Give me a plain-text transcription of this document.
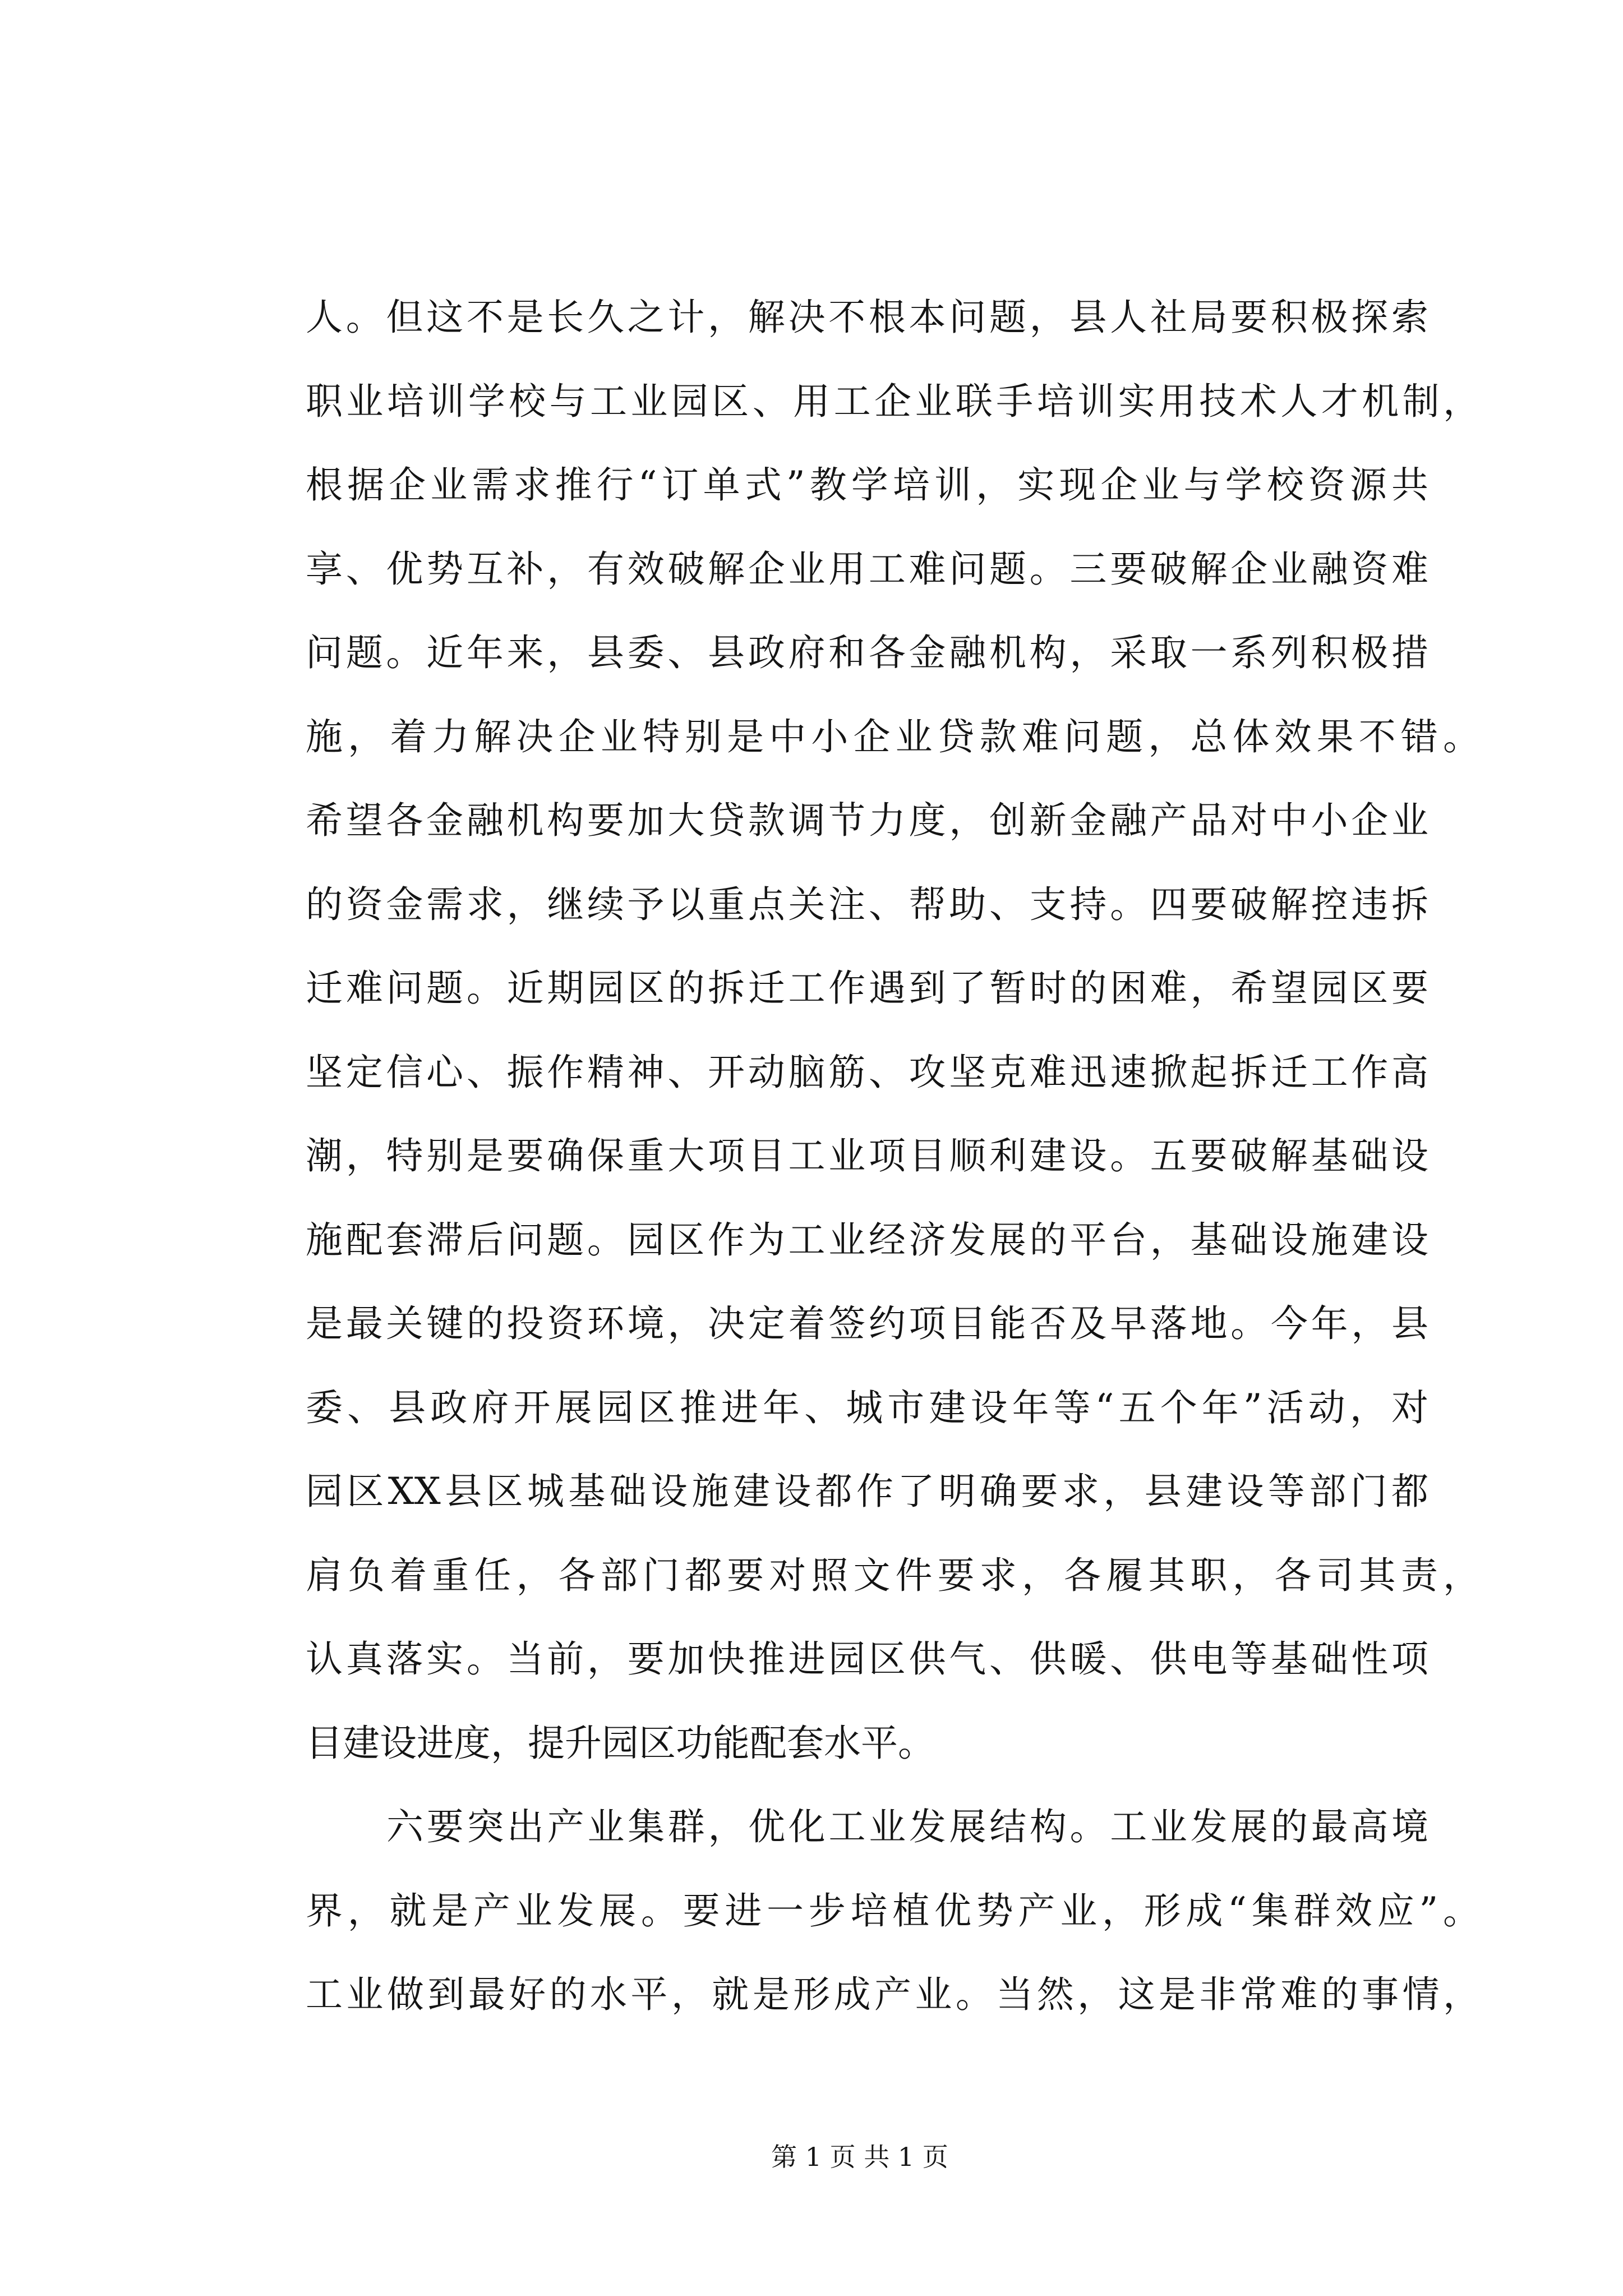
人。但这不是长久之计，解决不根本问题，县人社局要积极探索
职业培训学校与工业园区、用工企业联手培训实用技术人才机制，
根据企业需求推行“订单式”教学培训，实现企业与学校资源共
享、优势互补，有效破解企业用工难问题。三要破解企业融资难
问题。近年来，县委、县政府和各金融机构，采取一系列积极措
施，着力解决企业特别是中小企业贷款难问题，总体效果不错。
希望各金融机构要加大贷款调节力度，创新金融产品对中小企业
的资金需求，继续予以重点关注、帮助、支持。四要破解控违拆
迁难问题。近期园区的拆迁工作遇到了暂时的困难，希望园区要
坚定信心、振作精神、开动脑筋、攻坚克难迅速掀起拆迁工作高
潮，特别是要确保重大项目工业项目顺利建设。五要破解基础设
施配套滞后问题。园区作为工业经济发展的平台，基础设施建设
是最关键的投资环境，决定着签约项目能否及早落地。今年，县
委、县政府开展园区推进年、城市建设年等“五个年”活动，对
园区XX县区城基础设施建设都作了明确要求，县建设等部门都
肩负着重任，各部门都要对照文件要求，各履其职，各司其责，
认真落实。当前，要加快推进园区供气、供暖、供电等基础性项
目建设进度，提升园区功能配套水平。
六要突出产业集群，优化工业发展结构。工业发展的最高境
界，就是产业发展。要进一步培植优势产业，形成“集群效应”。
工业做到最好的水平，就是形成产业。当然，这是非常难的事情，
第 1 页 共 1 页
